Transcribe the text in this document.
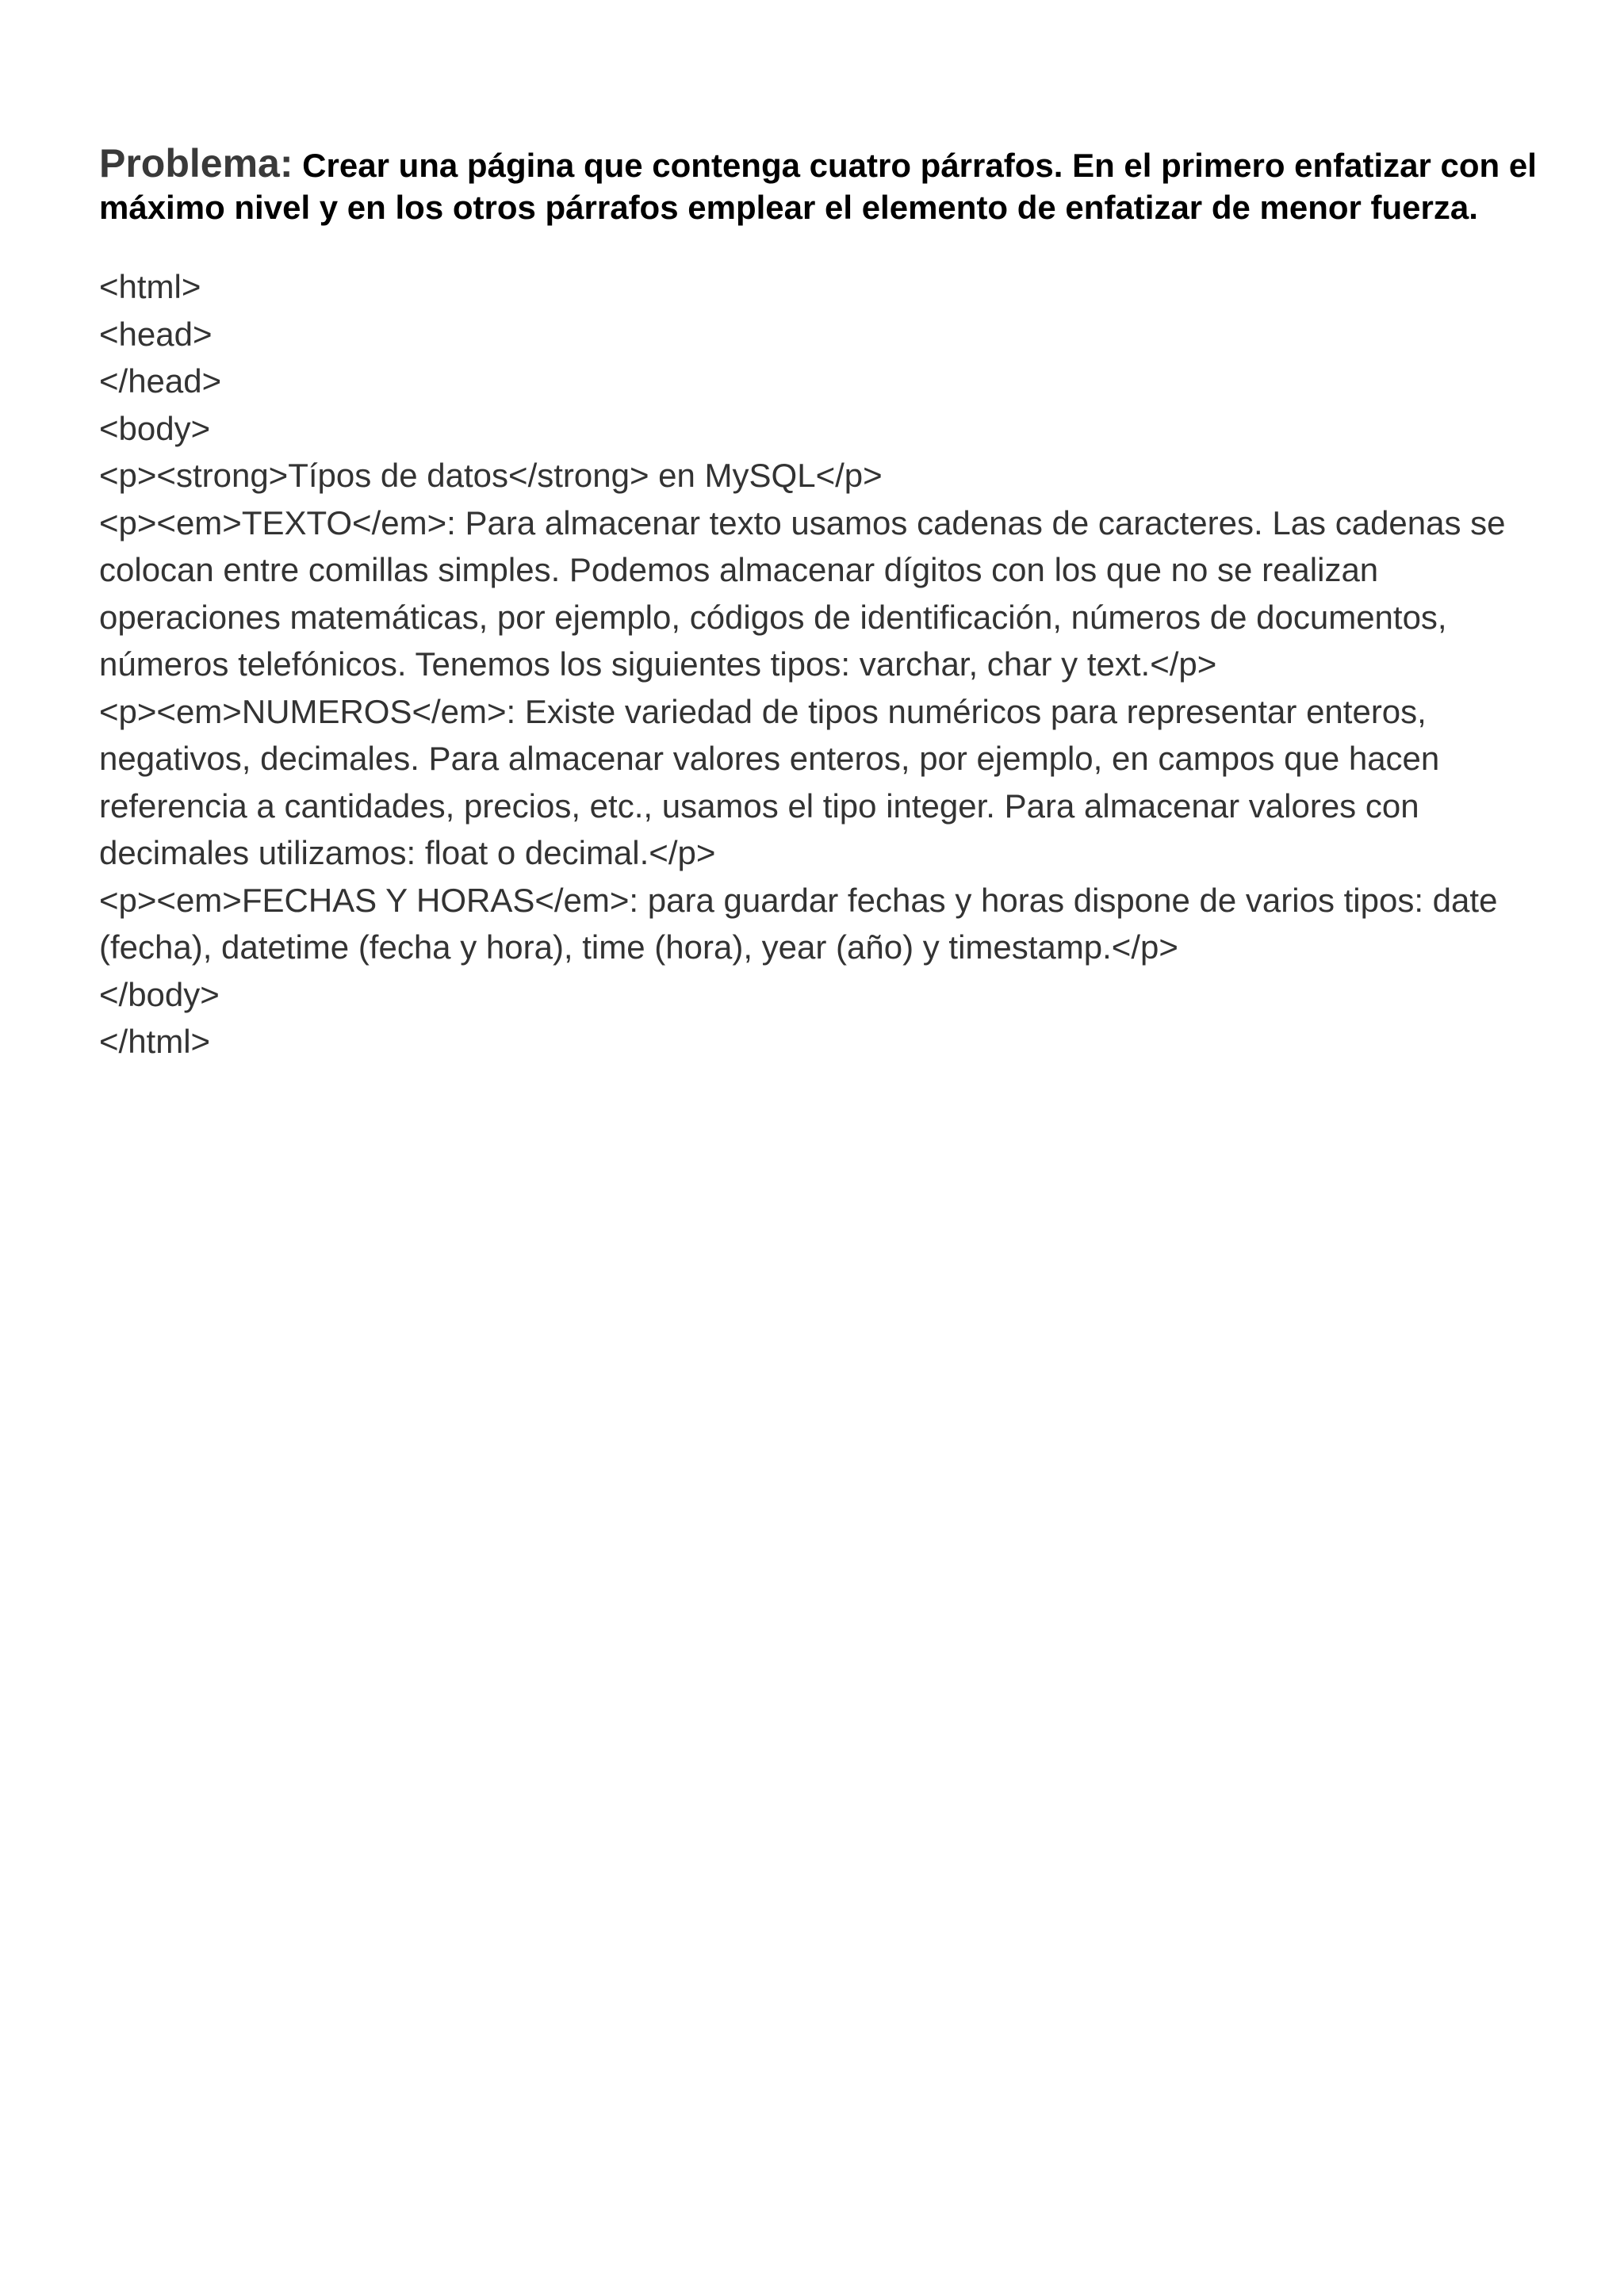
Problema: Crear una página que contenga cuatro párrafos. En el primero enfatizar con el máximo nivel y en los otros párrafos emplear el elemento de enfatizar de menor fuerza.

<html>
<head>
</head>
<body>
<p><strong>Típos de datos</strong> en MySQL</p>
<p><em>TEXTO</em>: Para almacenar texto usamos cadenas de caracteres. Las cadenas se colocan entre comillas simples. Podemos almacenar dígitos con los que no se realizan operaciones matemáticas, por ejemplo, códigos de identificación, números de documentos, números telefónicos. Tenemos los siguientes tipos: varchar, char y text.</p>
<p><em>NUMEROS</em>: Existe variedad de tipos numéricos para representar enteros, negativos, decimales. Para almacenar valores enteros, por ejemplo, en campos que hacen referencia a cantidades, precios, etc., usamos el tipo integer. Para almacenar valores con decimales utilizamos: float o decimal.</p>
<p><em>FECHAS Y HORAS</em>: para guardar fechas y horas dispone de varios tipos: date (fecha), datetime (fecha y hora), time (hora), year (año) y timestamp.</p>
</body>
</html>
